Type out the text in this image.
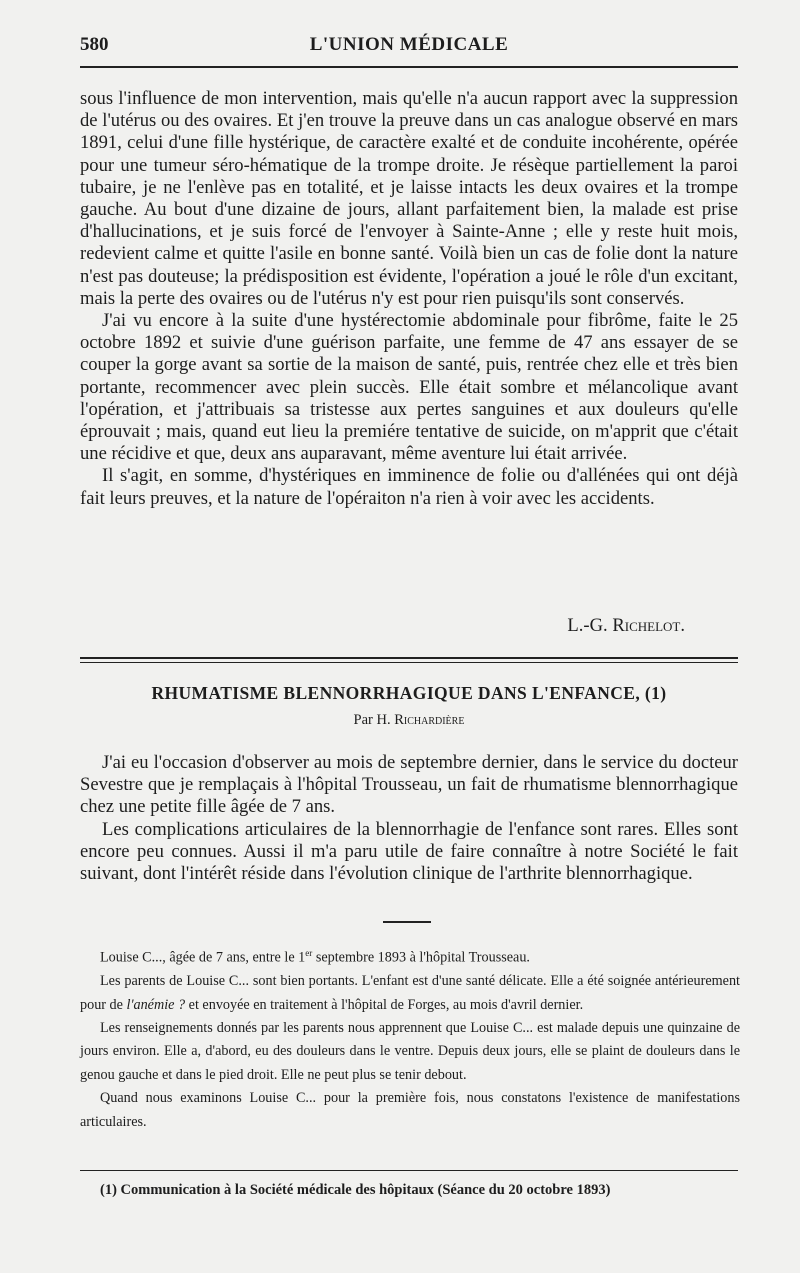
580	L'UNION MÉDICALE

sous l'influence de mon intervention, mais qu'elle n'a aucun rapport avec la suppression de l'utérus ou des ovaires. Et j'en trouve la preuve dans un cas analogue observé en mars 1891, celui d'une fille hystérique, de caractère exalté et de conduite incohérente, opérée pour une tumeur séro-hématique de la trompe droite. Je résèque partiellement la paroi tubaire, je ne l'enlève pas en totalité, et je laisse intacts les deux ovaires et la trompe gauche. Au bout d'une dizaine de jours, allant parfaitement bien, la malade est prise d'hallucinations, et je suis forcé de l'envoyer à Sainte-Anne ; elle y reste huit mois, redevient calme et quitte l'asile en bonne santé. Voilà bien un cas de folie dont la nature n'est pas douteuse; la prédisposition est évidente, l'opération a joué le rôle d'un excitant, mais la perte des ovaires ou de l'utérus n'y est pour rien puisqu'ils sont conservés.

J'ai vu encore à la suite d'une hystérectomie abdominale pour fibrôme, faite le 25 octobre 1892 et suivie d'une guérison parfaite, une femme de 47 ans essayer de se couper la gorge avant sa sortie de la maison de santé, puis, rentrée chez elle et très bien portante, recommencer avec plein succès. Elle était sombre et mélancolique avant l'opération, et j'attribuais sa tristesse aux pertes sanguines et aux douleurs qu'elle éprouvait ; mais, quand eut lieu la premiére tentative de suicide, on m'apprit que c'était une récidive et que, deux ans auparavant, même aventure lui était arrivée.

Il s'agit, en somme, d'hystériques en imminence de folie ou d'allénées qui ont déjà fait leurs preuves, et la nature de l'opéraiton n'a rien à voir avec les accidents.

L.-G. Richelot.
RHUMATISME BLENNORRHAGIQUE DANS L'ENFANCE, (1)
Par H. Richardière

J'ai eu l'occasion d'observer au mois de septembre dernier, dans le service du docteur Sevestre que je remplaçais à l'hôpital Trousseau, un fait de rhumatisme blennorrhagique chez une petite fille âgée de 7 ans.

Les complications articulaires de la blennorrhagie de l'enfance sont rares. Elles sont encore peu connues. Aussi il m'a paru utile de faire connaître à notre Société le fait suivant, dont l'intérêt réside dans l'évolution clinique de l'arthrite blennorrhagique.

Louise C..., âgée de 7 ans, entre le 1er septembre 1893 à l'hôpital Trousseau.

Les parents de Louise C... sont bien portants. L'enfant est d'une santé délicate. Elle a été soignée antérieurement pour de l'anémie ? et envoyée en traitement à l'hôpital de Forges, au mois d'avril dernier.

Les renseignements donnés par les parents nous apprennent que Louise C... est malade depuis une quinzaine de jours environ. Elle a, d'abord, eu des douleurs dans le ventre. Depuis deux jours, elle se plaint de douleurs dans le genou gauche et dans le pied droit. Elle ne peut plus se tenir debout.

Quand nous examinons Louise C... pour la première fois, nous constatons l'existence de manifestations articulaires.

(1) Communication à la Société médicale des hôpitaux (Séance du 20 octobre 1893)
